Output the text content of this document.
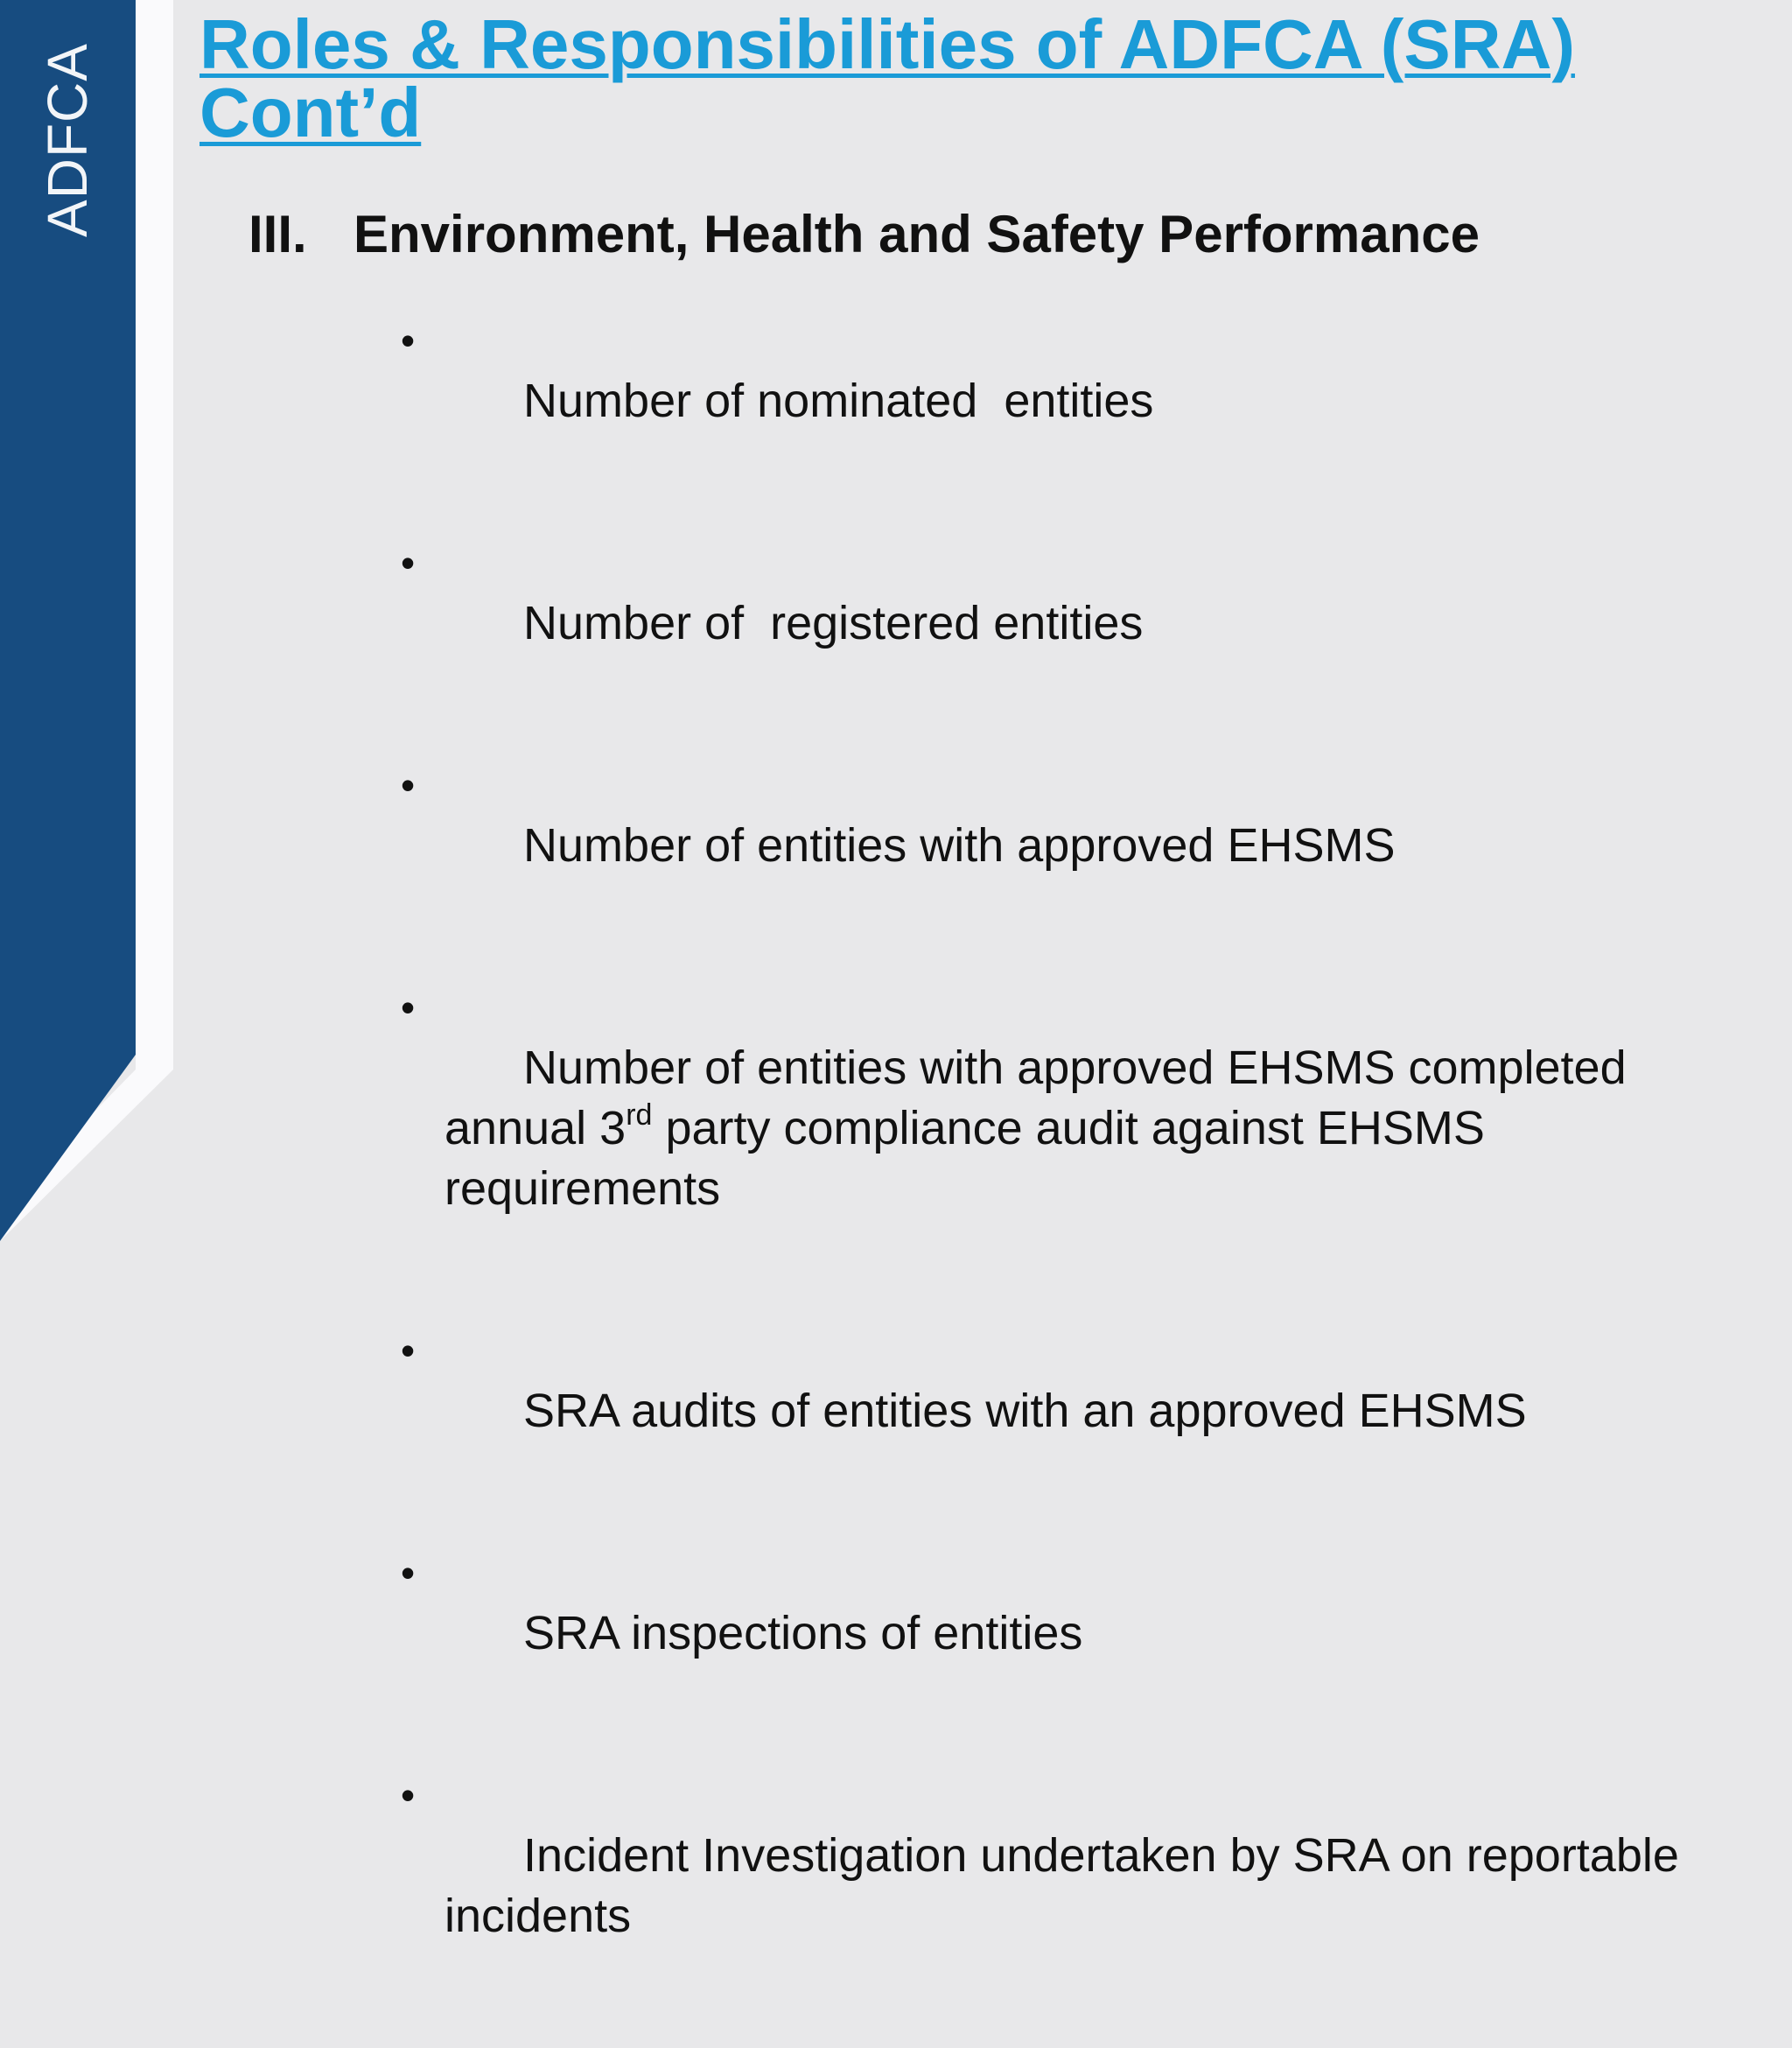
ADFCA Roles & Responsibilities of ADFCA (SRA)
Cont’d
III. Environment, Health and Safety Performance

•
Number of nominated  entities

•
Number of  registered entities

•
Number of entities with approved EHSMS

•
Number of entities with approved EHSMS completed annual 3rd party compliance audit against EHSMS requirements

•
SRA audits of entities with an approved EHSMS

•
SRA inspections of entities

•
Incident Investigation undertaken by SRA on reportable incidents
